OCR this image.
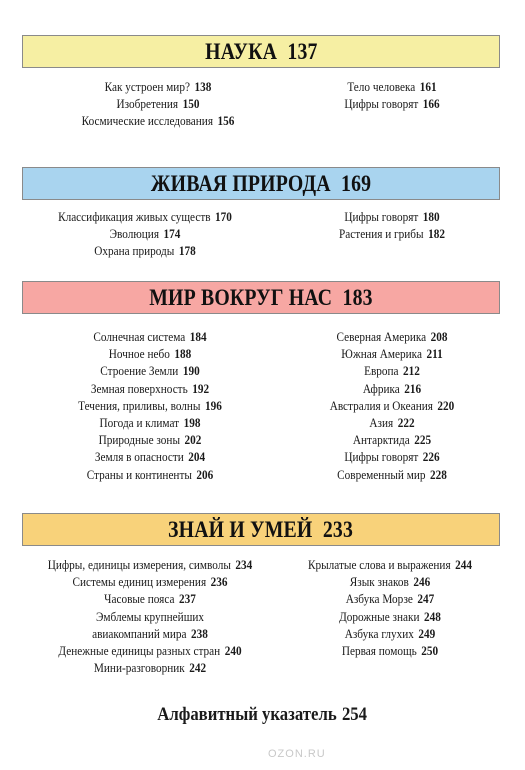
НАУКА 137
Как устроен мир? 138
Изобретения 150
Космические исследования 156
Тело человека 161
Цифры говорят 166
ЖИВАЯ ПРИРОДА 169
Классификация живых существ 170
Эволюция 174
Охрана природы 178
Цифры говорят 180
Растения и грибы 182
МИР ВОКРУГ НАС 183
Солнечная система 184
Ночное небо 188
Строение Земли 190
Земная поверхность 192
Течения, приливы, волны 196
Погода и климат 198
Природные зоны 202
Земля в опасности 204
Страны и континенты 206
Северная Америка 208
Южная Америка 211
Европа 212
Африка 216
Австралия и Океания 220
Азия 222
Антарктида 225
Цифры говорят 226
Современный мир 228
ЗНАЙ И УМЕЙ 233
Цифры, единицы измерения, символы 234
Системы единиц измерения 236
Часовые пояса 237
Эмблемы крупнейших
авиакомпаний мира 238
Денежные единицы разных стран 240
Мини-разговорник 242
Крылатые слова и выражения 244
Язык знаков 246
Азбука Морзе 247
Дорожные знаки 248
Азбука глухих 249
Первая помощь 250
Алфавитный указатель 254
OZON.RU
